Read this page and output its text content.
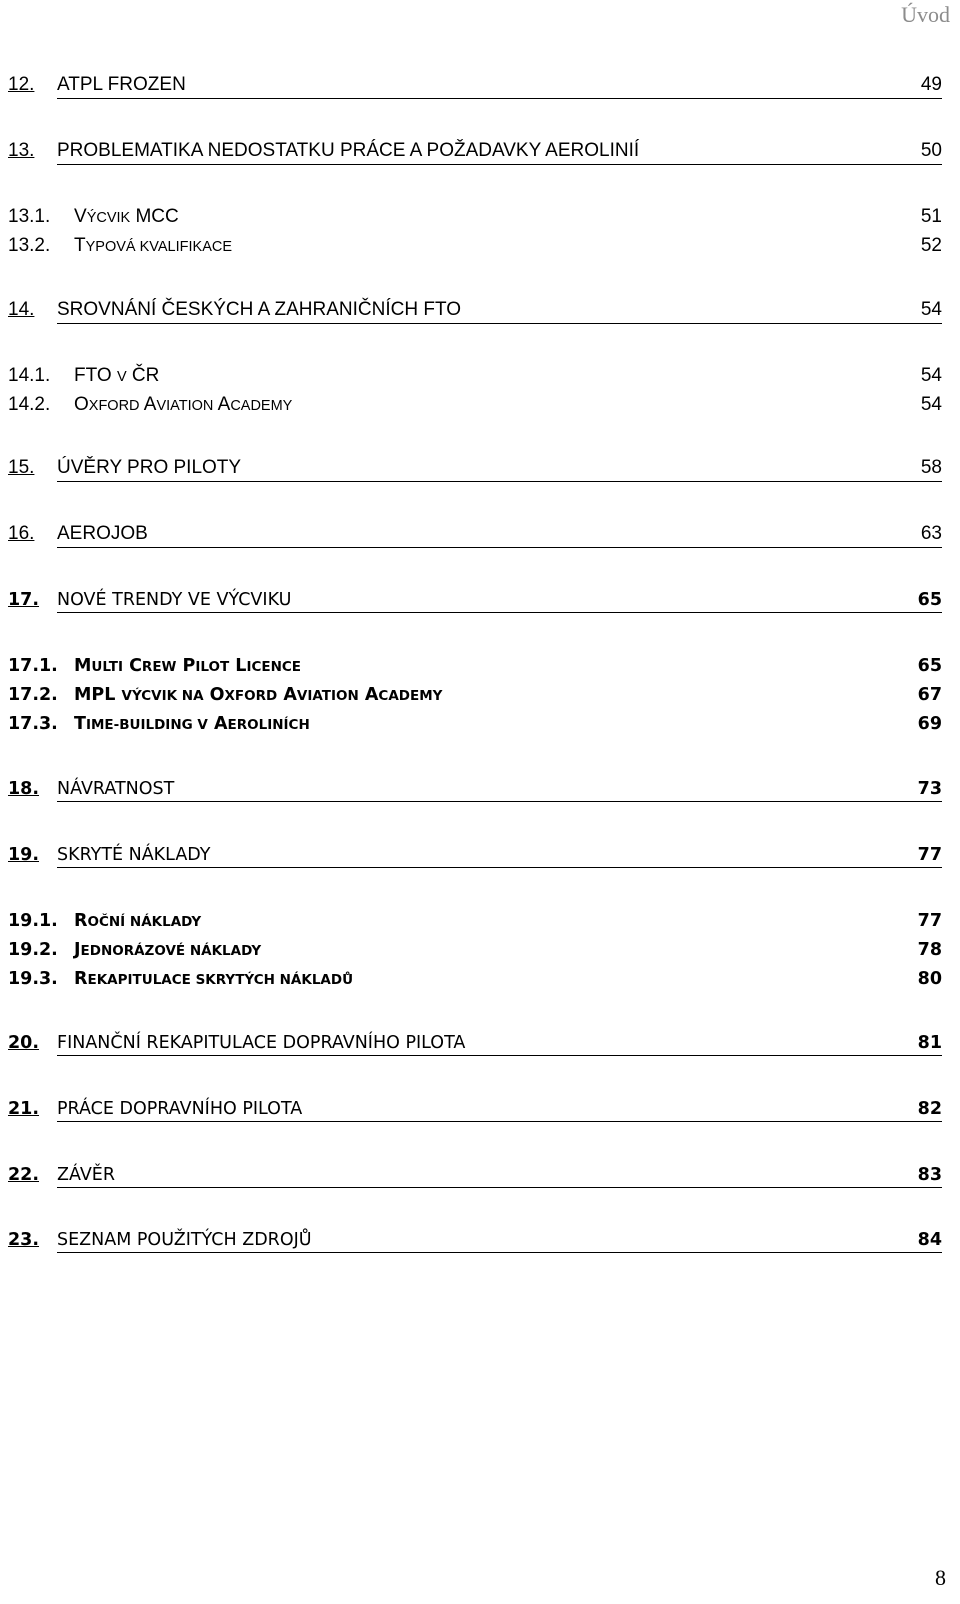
Úvod
12. ATPL FROZEN	49
13. PROBLEMATIKA NEDOSTATKU PRÁCE A POŽADAVKY AEROLINIÍ	50
13.1. VÝCVIK MCC	51
13.2. TYPOVÁ KVALIFIKACE	52
14. SROVNÁNÍ ČESKÝCH A ZAHRANIČNÍCH FTO	54
14.1. FTO V ČR	54
14.2. OXFORD AVIATION ACADEMY	54
15. ÚVĚRY PRO PILOTY	58
16. AEROJOB	63
17. NOVÉ TRENDY VE VÝCVIKU	65
17.1. MULTI CREW PILOT LICENCE	65
17.2. MPL VÝCVIK NA OXFORD AVIATION ACADEMY	67
17.3. TIME-BUILDING V AEROLINÍCH	69
18. NÁVRATNOST	73
19. SKRYTÉ NÁKLADY	77
19.1. ROČNÍ NÁKLADY	77
19.2. JEDNORÁZOVÉ NÁKLADY	78
19.3. REKAPITULACE SKRYTÝCH NÁKLADŮ	80
20. FINANČNÍ REKAPITULACE DOPRAVNÍHO PILOTA	81
21. PRÁCE DOPRAVNÍHO PILOTA	82
22. ZÁVĚR	83
23. SEZNAM POUŽITÝCH ZDROJŮ	84
8
